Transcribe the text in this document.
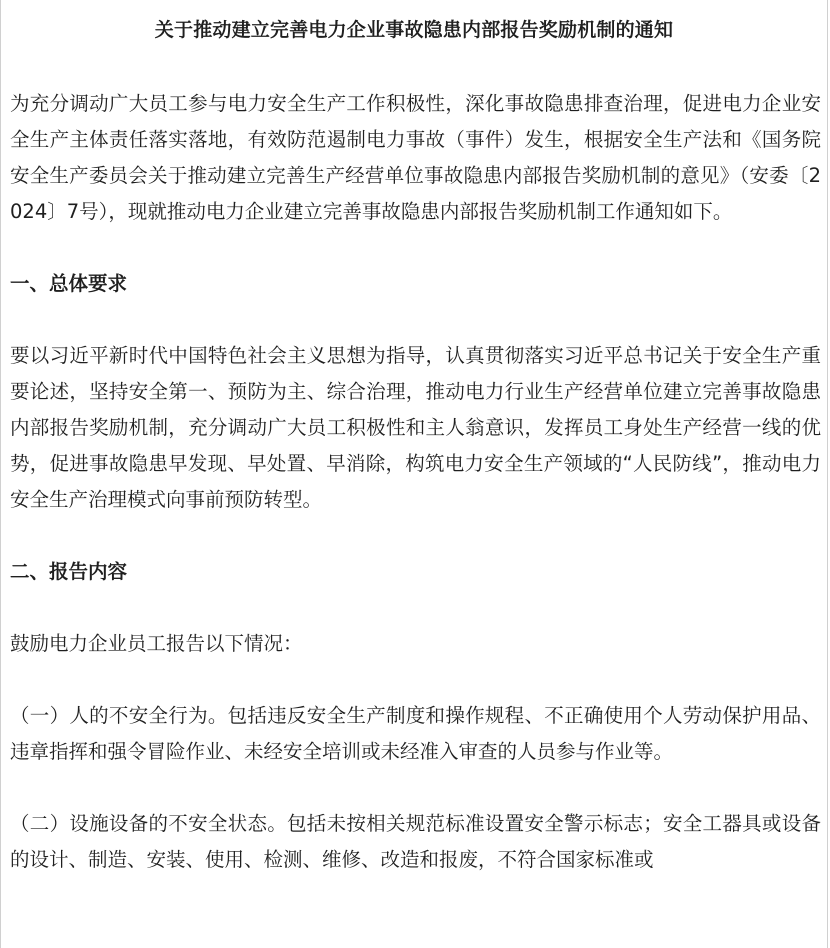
关于推动建立完善电力企业事故隐患内部报告奖励机制的通知

为充分调动广大员工参与电力安全生产工作积极性，深化事故隐患排查治理，促进电力企业安全生产主体责任落实落地，有效防范遏制电力事故（事件）发生，根据安全生产法和《国务院安全生产委员会关于推动建立完善生产经营单位事故隐患内部报告奖励机制的意见》（安委〔2024〕7号），现就推动电力企业建立完善事故隐患内部报告奖励机制工作通知如下。

一、总体要求

要以习近平新时代中国特色社会主义思想为指导，认真贯彻落实习近平总书记关于安全生产重要论述，坚持安全第一、预防为主、综合治理，推动电力行业生产经营单位建立完善事故隐患内部报告奖励机制，充分调动广大员工积极性和主人翁意识，发挥员工身处生产经营一线的优势，促进事故隐患早发现、早处置、早消除，构筑电力安全生产领域的“人民防线”，推动电力安全生产治理模式向事前预防转型。

二、报告内容

鼓励电力企业员工报告以下情况：

（一）人的不安全行为。包括违反安全生产制度和操作规程、不正确使用个人劳动保护用品、违章指挥和强令冒险作业、未经安全培训或未经准入审查的人员参与作业等。

（二）设施设备的不安全状态。包括未按相关规范标准设置安全警示标志；安全工器具或设备的设计、制造、安装、使用、检测、维修、改造和报废，不符合国家标准或
